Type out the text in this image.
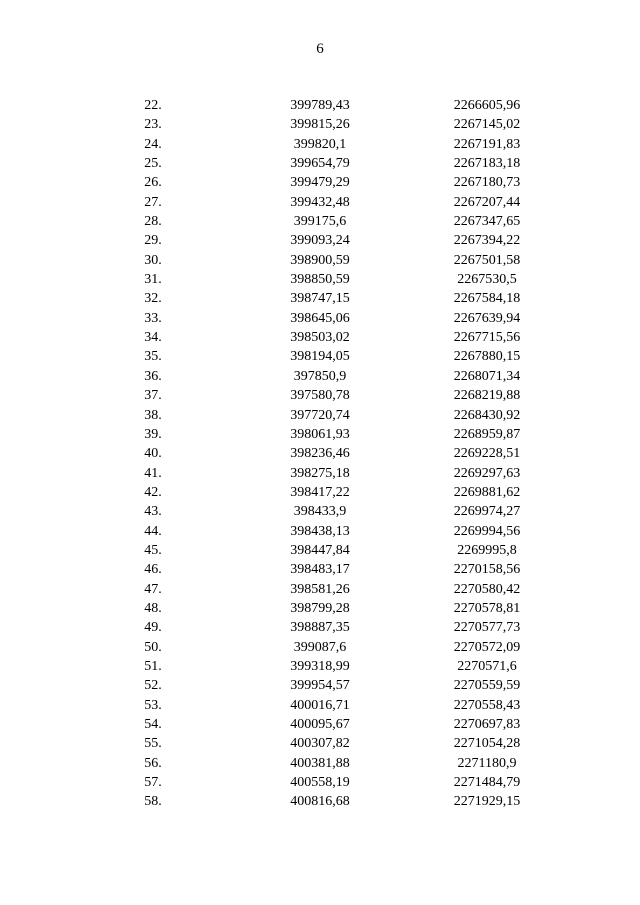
6
22.	399789,43	2266605,96
23.	399815,26	2267145,02
24.	399820,1	2267191,83
25.	399654,79	2267183,18
26.	399479,29	2267180,73
27.	399432,48	2267207,44
28.	399175,6	2267347,65
29.	399093,24	2267394,22
30.	398900,59	2267501,58
31.	398850,59	2267530,5
32.	398747,15	2267584,18
33.	398645,06	2267639,94
34.	398503,02	2267715,56
35.	398194,05	2267880,15
36.	397850,9	2268071,34
37.	397580,78	2268219,88
38.	397720,74	2268430,92
39.	398061,93	2268959,87
40.	398236,46	2269228,51
41.	398275,18	2269297,63
42.	398417,22	2269881,62
43.	398433,9	2269974,27
44.	398438,13	2269994,56
45.	398447,84	2269995,8
46.	398483,17	2270158,56
47.	398581,26	2270580,42
48.	398799,28	2270578,81
49.	398887,35	2270577,73
50.	399087,6	2270572,09
51.	399318,99	2270571,6
52.	399954,57	2270559,59
53.	400016,71	2270558,43
54.	400095,67	2270697,83
55.	400307,82	2271054,28
56.	400381,88	2271180,9
57.	400558,19	2271484,79
58.	400816,68	2271929,15
